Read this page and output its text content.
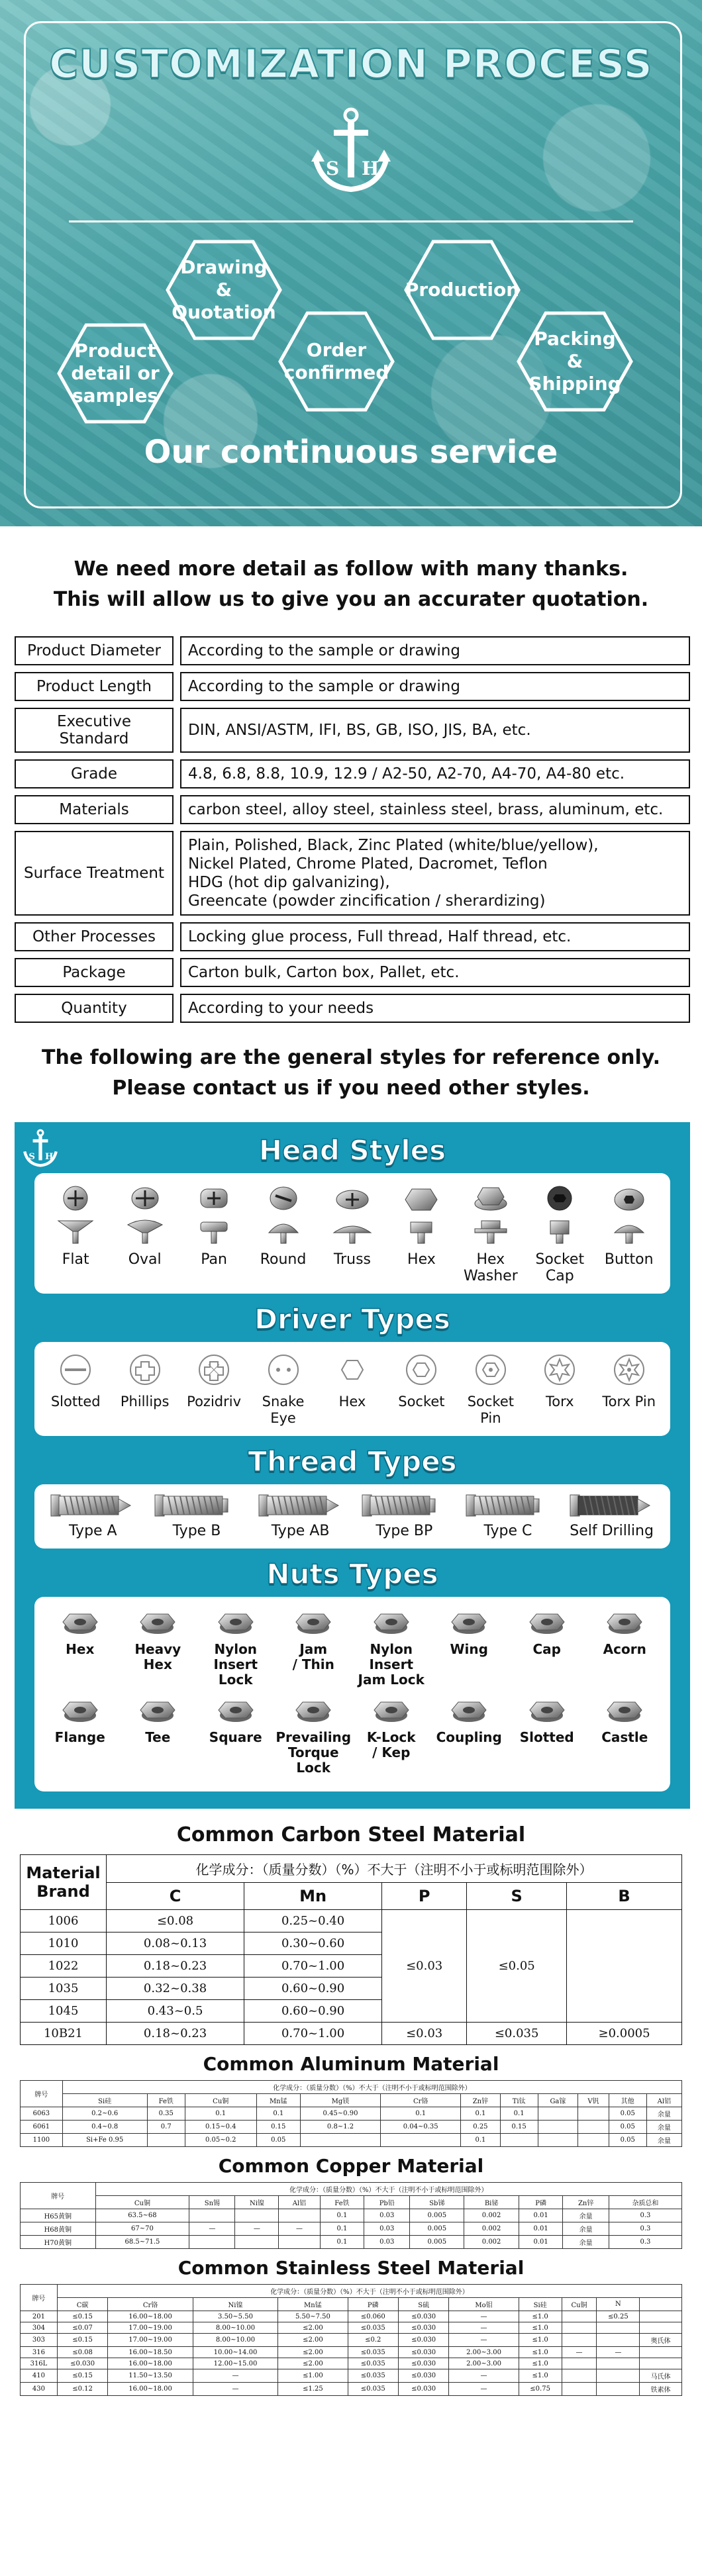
CUSTOMIZATION PROCESS
S H
Product
detail or
samples
Drawing
&
Quotation
Order
confirmed
Production
Packing
&
Shipping
Our continuous service
We need more detail as follow with many thanks.
This will allow us to give you an accurater quotation.
Product Diameter		According to the sample or drawing
Product Length		According to the sample or drawing
Executive Standard		DIN, ANSI/ASTM, IFI, BS, GB, ISO, JIS, BA, etc.
Grade		4.8, 6.8, 8.8, 10.9, 12.9 / A2-50, A2-70, A4-70, A4-80 etc.
Materials		carbon steel, alloy steel, stainless steel, brass, aluminum, etc.
Surface Treatment		Plain, Polished, Black, Zinc Plated (white/blue/yellow),
Nickel Plated, Chrome Plated, Dacromet, Teflon
HDG (hot dip galvanizing),
Greencate (powder zincification / sherardizing)
Other Processes		Locking glue process, Full thread, Half thread, etc.
Package		Carton bulk, Carton box, Pallet, etc.
Quantity		According to your needs
The following are the general styles for reference only.
Please contact us if you need other styles.
S H	Head Styles
Flat	Oval	Pan Round Truss	Hex	Hex
Washer
Socket
Cap
Button
Driver Types
Slotted Phillips Pozidriv	Snake Eye
Hex Socket	Socket Pin
Torx Torx Pin
Thread Types
Type A	Type B	Type AB	Type BP	Type C	Self Drilling
Nuts Types
Hex	Heavy
Hex
Nylon
Insert Lock
Jam
/ Thin
Nylon Insert
Jam Lock
Wing	Cap	Acorn
Flange	Tee	Square Prevailing
Torque Lock
K-Lock
/ Kep
Coupling Slotted Castle
Common Carbon Steel Material
Material
Brand	化学成分：（质量分数）（%）不大于（注明不小于或标明范围除外）				
	C	Mn	P	S	B
1006	≤0.08	0.25~0.40	≤0.03	≤0.05	
1010	0.08~0.13	0.30~0.60			
1022	0.18~0.23	0.70~1.00			
1035	0.32~0.38	0.60~0.90			
1045	0.43~0.5	0.60~0.90			
10B21	0.18~0.23	0.70~1.00	≤0.03	≤0.035	≥0.0005
Common Aluminum Material
牌号	化学成分：（质量分数）（%）不大于（注明不小于或标明范围除外）											
	Si硅	Fe铁	Cu铜	Mn锰	Mg镁	Cr铬	Zn锌	Ti钛	Ga镓	V钒	其他	Al铝
6063	0.2~0.6	0.35	0.1	0.1	0.45~0.90	0.1	0.1	0.1			0.05	余量
6061	0.4~0.8	0.7	0.15~0.4	0.15	0.8~1.2	0.04~0.35	0.25	0.15			0.05	余量
1100	Si+Fe 0.95		0.05~0.2	0.05			0.1				0.05	余量
Common Copper Material
牌号	化学成分：（质量分数）（%）不大于（注明不小于或标明范围除外）										
	Cu铜	Sn锡	Ni镍	Al铝	Fe铁	Pb铅	Sb锑	Bi铋	P磷	Zn锌	杂质总和
H65黄铜	63.5~68				0.1	0.03	0.005	0.002	0.01	余量	0.3
H68黄铜	67~70	—	—	—	0.1	0.03	0.005	0.002	0.01	余量	0.3
H70黄铜	68.5~71.5				0.1	0.03	0.005	0.002	0.01	余量	0.3
Common Stainless Steel Material
牌号	化学成分：（质量分数）（%）不大于（注明不小于或标明范围除外）										
	C碳	Cr铬	Ni镍	Mn锰	P磷	S硫	Mo钼	Si硅	Cu铜	N	
201	≤0.15	16.00~18.00	3.50~5.50	5.50~7.50	≤0.060	≤0.030	—	≤1.0		≤0.25	
304	≤0.07	17.00~19.00	8.00~10.00	≤2.00	≤0.035	≤0.030	—	≤1.0			
303	≤0.15	17.00~19.00	8.00~10.00	≤2.00	≤0.2	≤0.030	—	≤1.0			奥氏体
316	≤0.08	16.00~18.50	10.00~14.00	≤2.00	≤0.035	≤0.030	2.00~3.00	≤1.0	—	—	
316L	≤0.030	16.00~18.00	12.00~15.00	≤2.00	≤0.035	≤0.030	2.00~3.00	≤1.0			
410	≤0.15	11.50~13.50	—	≤1.00	≤0.035	≤0.030	—	≤1.0			马氏体
430	≤0.12	16.00~18.00	—	≤1.25	≤0.035	≤0.030	—	≤0.75			铁素体
